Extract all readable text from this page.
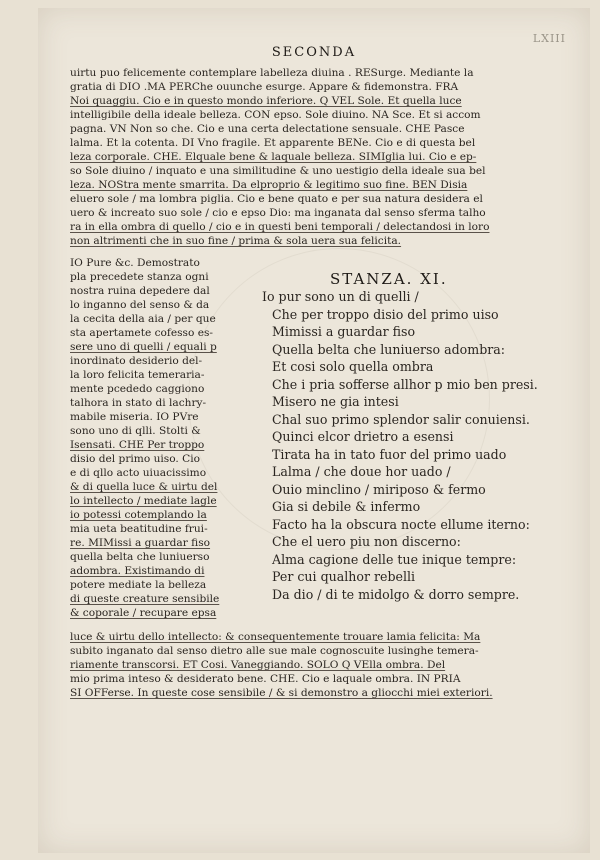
LXIII
SECONDA
uirtu puo felicemente contemplare labelleza diuina . RESurge. Mediante la
gratia di DIO .MA PERChe ouunche esurge. Appare & fidemonstra. FRA
Noi quaggiu. Cio e in questo mondo inferiore. Q VEL Sole. Et quella luce
intelligibile della ideale belleza. CON epso. Sole diuino. NA Sce. Et si accom
pagna. VN Non so che. Cio e una certa delectatione sensuale. CHE Pasce
lalma. Et la cotenta. DI Vno fragile. Et apparente BENe. Cio e di questa bel
leza corporale. CHE. Elquale bene & laquale belleza. SIMIglia lui. Cio e ep-
so Sole diuino / inquato e una similitudine & uno uestigio della ideale sua bel
leza. NOStra mente smarrita. Da elproprio & legitimo suo fine. BEN Disia
eluero sole / ma lombra piglia. Cio e bene quato e per sua natura desidera el
uero & increato suo sole / cio e epso Dio: ma inganata dal senso sferma talho
ra in ella ombra di quello / cio e in questi beni temporali / delectandosi in loro
non altrimenti che in suo fine / prima & sola uera sua felicita.
IO Pure &c. Demostrato
pla precedete stanza ogni
nostra ruina depedere dal
lo inganno del senso & da
la cecita della aia / per que
sta apertamete cofesso es-
sere uno di quelli / equali p
inordinato desiderio del-
la loro felicita temeraria-
mente pcededo caggiono
talhora in stato di lachry-
mabile miseria. IO PVre
sono uno di qlli. Stolti &
Isensati. CHE Per troppo
disio del primo uiso. Cio
e di qllo acto uiuacissimo
& di quella luce & uirtu del
lo intellecto / mediate lagle
io potessi cotemplando la
mia ueta beatitudine frui-
re. MIMissi a guardar fiso
quella belta che luniuerso
adombra. Existimando di
potere mediate la belleza
di queste creature sensibile
& coporale / recupare epsa
STANZA. XI.
Io pur sono un di quelli /
Che per troppo disio del primo uiso
Mimissi a guardar fiso
Quella belta che luniuerso adombra:
Et cosi solo quella ombra
Che i pria sofferse allhor p mio ben presi.
Misero ne gia intesi
Chal suo primo splendor salir conuiensi.
Quinci elcor drietro a esensi
Tirata ha in tato fuor del primo uado
Lalma / che doue hor uado /
Ouio minclino / miriposo & fermo
Gia si debile & infermo
Facto ha la obscura nocte ellume iterno:
Che el uero piu non discerno:
Alma cagione delle tue inique tempre:
Per cui qualhor rebelli
Da dio / di te midolgo & dorro sempre.
luce & uirtu dello intellecto: & consequentemente trouare lamia felicita: Ma
subito inganato dal senso dietro alle sue male cognoscuite lusinghe temera-
riamente transcorsi. ET Cosi. Vaneggiando. SOLO Q VElla ombra. Del
mio prima inteso & desiderato bene. CHE. Cio e laquale ombra. IN PRIA
SI OFFerse. In queste cose sensibile / & si demonstro a gliocchi miei exteriori.
